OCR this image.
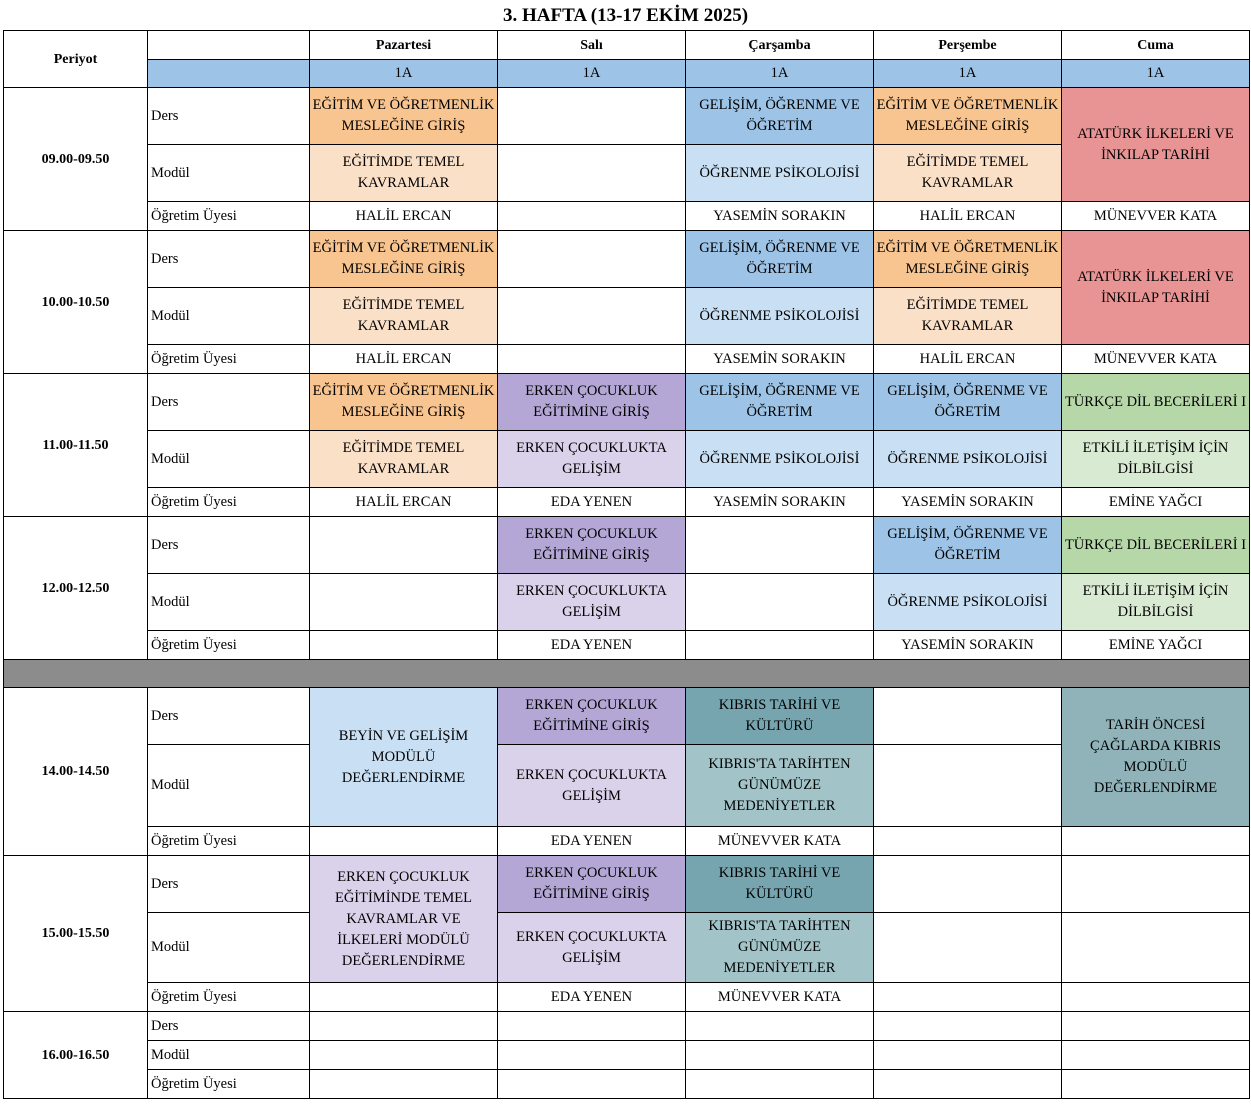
3. HAFTA (13-17 EKİM 2025)
Periyot		Pazartesi	Salı	Çarşamba	Perşembe	Cuma
		1A	1A	1A	1A	1A
09.00-09.50	Ders	EĞİTİM VE ÖĞRETMENLİK MESLEĞİNE GİRİŞ		GELİŞİM, ÖĞRENME VE ÖĞRETİM	EĞİTİM VE ÖĞRETMENLİK MESLEĞİNE GİRİŞ	ATATÜRK İLKELERİ VE İNKILAP TARİHİ
	Modül	EĞİTİMDE TEMEL KAVRAMLAR		ÖĞRENME PSİKOLOJİSİ	EĞİTİMDE TEMEL KAVRAMLAR	
	Öğretim Üyesi	HALİL ERCAN		YASEMİN SORAKIN	HALİL ERCAN	MÜNEVVER KATA
10.00-10.50	Ders	EĞİTİM VE ÖĞRETMENLİK MESLEĞİNE GİRİŞ		GELİŞİM, ÖĞRENME VE ÖĞRETİM	EĞİTİM VE ÖĞRETMENLİK MESLEĞİNE GİRİŞ	ATATÜRK İLKELERİ VE İNKILAP TARİHİ
	Modül	EĞİTİMDE TEMEL KAVRAMLAR		ÖĞRENME PSİKOLOJİSİ	EĞİTİMDE TEMEL KAVRAMLAR	
	Öğretim Üyesi	HALİL ERCAN		YASEMİN SORAKIN	HALİL ERCAN	MÜNEVVER KATA
11.00-11.50	Ders	EĞİTİM VE ÖĞRETMENLİK MESLEĞİNE GİRİŞ	ERKEN ÇOCUKLUK EĞİTİMİNE GİRİŞ	GELİŞİM, ÖĞRENME VE ÖĞRETİM	GELİŞİM, ÖĞRENME VE ÖĞRETİM	TÜRKÇE DİL BECERİLERİ I
	Modül	EĞİTİMDE TEMEL KAVRAMLAR	ERKEN ÇOCUKLUKTA GELİŞİM	ÖĞRENME PSİKOLOJİSİ	ÖĞRENME PSİKOLOJİSİ	ETKİLİ İLETİŞİM İÇİN DİLBİLGİSİ
	Öğretim Üyesi	HALİL ERCAN	EDA YENEN	YASEMİN SORAKIN	YASEMİN SORAKIN	EMİNE YAĞCI
12.00-12.50	Ders		ERKEN ÇOCUKLUK EĞİTİMİNE GİRİŞ		GELİŞİM, ÖĞRENME VE ÖĞRETİM	TÜRKÇE DİL BECERİLERİ I
	Modül		ERKEN ÇOCUKLUKTA GELİŞİM		ÖĞRENME PSİKOLOJİSİ	ETKİLİ İLETİŞİM İÇİN DİLBİLGİSİ
	Öğretim Üyesi		EDA YENEN		YASEMİN SORAKIN	EMİNE YAĞCI

14.00-14.50	Ders	BEYİN VE GELİŞİM MODÜLÜ DEĞERLENDİRME	ERKEN ÇOCUKLUK EĞİTİMİNE GİRİŞ	KIBRIS TARİHİ VE KÜLTÜRÜ		TARİH ÖNCESİ ÇAĞLARDA KIBRIS MODÜLÜ DEĞERLENDİRME
	Modül		ERKEN ÇOCUKLUKTA GELİŞİM	KIBRIS'TA TARİHTEN GÜNÜMÜZE MEDENİYETLER		
	Öğretim Üyesi		EDA YENEN	MÜNEVVER KATA		
15.00-15.50	Ders	ERKEN ÇOCUKLUK EĞİTİMİNDE TEMEL KAVRAMLAR VE İLKELERİ MODÜLÜ DEĞERLENDİRME	ERKEN ÇOCUKLUK EĞİTİMİNE GİRİŞ	KIBRIS TARİHİ VE KÜLTÜRÜ		
	Modül		ERKEN ÇOCUKLUKTA GELİŞİM	KIBRIS'TA TARİHTEN GÜNÜMÜZE MEDENİYETLER		
	Öğretim Üyesi		EDA YENEN	MÜNEVVER KATA		
16.00-16.50	Ders					
	Modül					
	Öğretim Üyesi					
